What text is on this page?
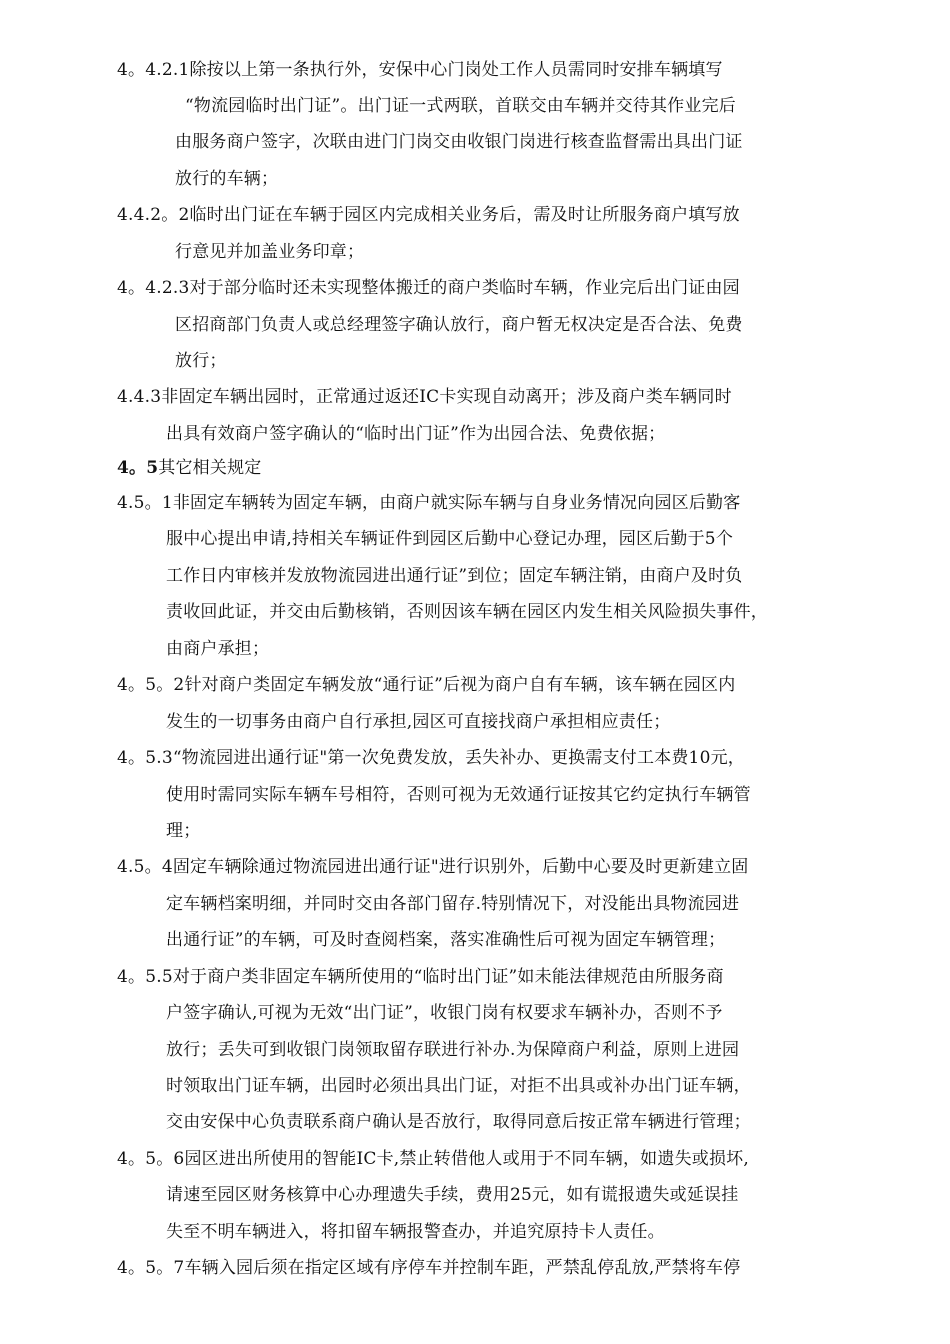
4。4.2.1除按以上第一条执行外，安保中心门岗处工作人员需同时安排车辆填写
“物流园临时出门证”。出门证一式两联，首联交由车辆并交待其作业完后
由服务商户签字，次联由进门门岗交由收银门岗进行核查监督需出具出门证
放行的车辆；
4.4.2。2临时出门证在车辆于园区内完成相关业务后，需及时让所服务商户填写放
行意见并加盖业务印章；
4。4.2.3对于部分临时还未实现整体搬迁的商户类临时车辆，作业完后出门证由园
区招商部门负责人或总经理签字确认放行，商户暂无权决定是否合法、免费
放行；
4.4.3非固定车辆出园时，正常通过返还IC卡实现自动离开；涉及商户类车辆同时
出具有效商户签字确认的“临时出门证”作为出园合法、免费依据；
4。5其它相关规定
4.5。1非固定车辆转为固定车辆，由商户就实际车辆与自身业务情况向园区后勤客
服中心提出申请,持相关车辆证件到园区后勤中心登记办理，园区后勤于5个
工作日内审核并发放物流园进出通行证”到位；固定车辆注销，由商户及时负
责收回此证，并交由后勤核销，否则因该车辆在园区内发生相关风险损失事件，
由商户承担；
4。5。2针对商户类固定车辆发放“通行证”后视为商户自有车辆，该车辆在园区内
发生的一切事务由商户自行承担,园区可直接找商户承担相应责任；
4。5.3“物流园进出通行证"第一次免费发放，丢失补办、更换需支付工本费10元，
使用时需同实际车辆车号相符，否则可视为无效通行证按其它约定执行车辆管
理；
4.5。4固定车辆除通过物流园进出通行证"进行识别外，后勤中心要及时更新建立固
定车辆档案明细，并同时交由各部门留存.特别情况下，对没能出具物流园进
出通行证”的车辆，可及时查阅档案，落实准确性后可视为固定车辆管理；
4。5.5对于商户类非固定车辆所使用的“临时出门证”如未能法律规范由所服务商
户签字确认,可视为无效“出门证”，收银门岗有权要求车辆补办，否则不予
放行；丢失可到收银门岗领取留存联进行补办.为保障商户利益，原则上进园
时领取出门证车辆，出园时必须出具出门证，对拒不出具或补办出门证车辆，
交由安保中心负责联系商户确认是否放行，取得同意后按正常车辆进行管理；
4。5。6园区进出所使用的智能IC卡,禁止转借他人或用于不同车辆，如遗失或损坏,
请速至园区财务核算中心办理遗失手续，费用25元，如有谎报遗失或延误挂
失至不明车辆进入，将扣留车辆报警查办，并追究原持卡人责任。
4。5。7车辆入园后须在指定区域有序停车并控制车距，严禁乱停乱放,严禁将车停
